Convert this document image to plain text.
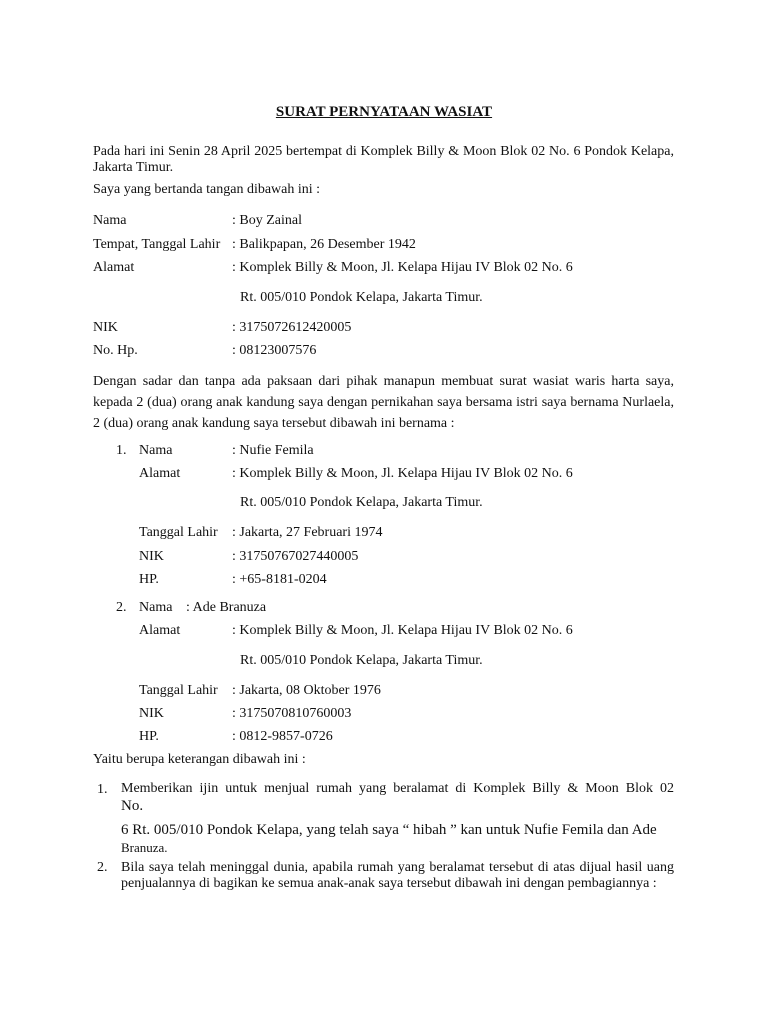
SURAT PERNYATAAN WASIAT
Pada hari ini Senin 28 April 2025 bertempat di Komplek Billy & Moon Blok 02 No. 6 Pondok Kelapa, Jakarta Timur.
Saya yang bertanda tangan dibawah ini :
Nama	: Boy Zainal
Tempat, Tanggal Lahir : Balikpapan, 26 Desember 1942
Alamat	: Komplek Billy & Moon, Jl. Kelapa Hijau IV Blok 02 No. 6
Rt. 005/010 Pondok Kelapa, Jakarta Timur.
NIK	: 3175072612420005
No. Hp.	: 08123007576
Dengan sadar dan tanpa ada paksaan dari pihak manapun membuat surat wasiat waris harta saya, kepada 2 (dua) orang anak kandung saya dengan pernikahan saya bersama istri saya bernama Nurlaela, 2 (dua) orang anak kandung saya tersebut dibawah ini bernama :
1. Nama	: Nufie Femila
Alamat	: Komplek Billy & Moon, Jl. Kelapa Hijau IV Blok 02 No. 6
Rt. 005/010 Pondok Kelapa, Jakarta Timur.
Tanggal Lahir : Jakarta, 27 Februari 1974
NIK	: 31750767027440005
HP.	: +65-8181-0204
2. Nama : Ade Branuza
Alamat	: Komplek Billy & Moon, Jl. Kelapa Hijau IV Blok 02 No. 6
Rt. 005/010 Pondok Kelapa, Jakarta Timur.
Tanggal Lahir : Jakarta, 08 Oktober 1976
NIK	: 3175070810760003
HP.	: 0812-9857-0726
Yaitu berupa keterangan dibawah ini :
1. Memberikan ijin untuk menjual rumah yang beralamat di Komplek Billy & Moon Blok 02
No.
6 Rt. 005/010 Pondok Kelapa, yang telah saya “ hibah ” kan untuk Nufie Femila dan Ade
Branuza.
2. Bila saya telah meninggal dunia, apabila rumah yang beralamat tersebut di atas dijual hasil uang penjualannya di bagikan ke semua anak-anak saya tersebut dibawah ini dengan pembagiannya :
